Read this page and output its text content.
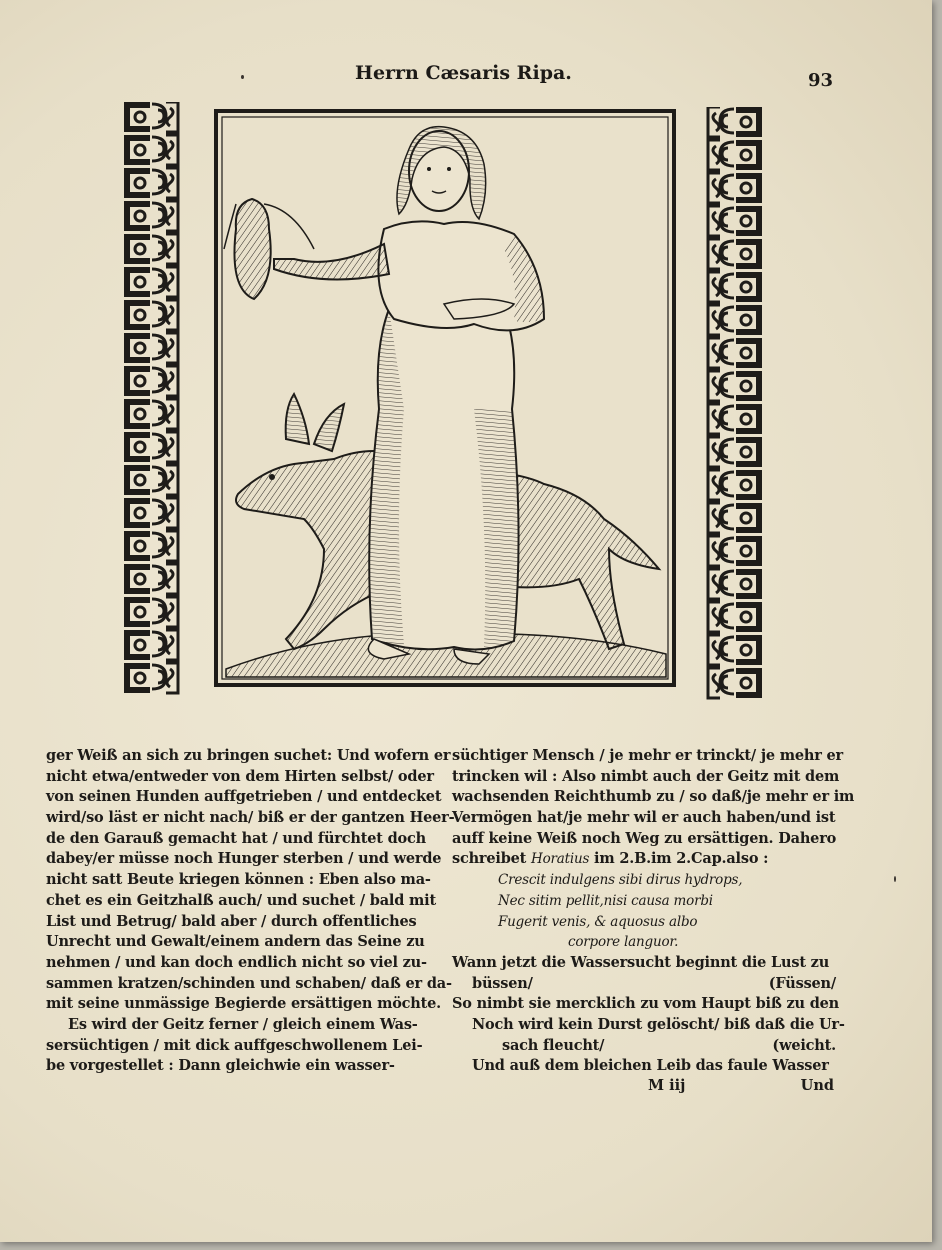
Herrn Cæsaris Ripa.	93
ger Weiß an sich zu bringen suchet: Und wofern er
nicht etwa/entweder von dem Hirten selbst/ oder
von seinen Hunden auffgetrieben / und entdecket
wird/so läst er nicht nach/ biß er der gantzen Heer-
de den Garauß gemacht hat / und fürchtet doch
dabey/er müsse noch Hunger sterben / und werde
nicht satt Beute kriegen können : Eben also ma-
chet es ein Geitzhalß auch/ und suchet / bald mit
List und Betrug/ bald aber / durch offentliches
Unrecht und Gewalt/einem andern das Seine zu
nehmen / und kan doch endlich nicht so viel zu-
sammen kratzen/schinden und schaben/ daß er da-
mit seine unmässige Begierde ersättigen möchte.
Es wird der Geitz ferner / gleich einem Was-
sersüchtigen / mit dick auffgeschwollenem Lei-
be vorgestellet : Dann gleichwie ein wasser-
süchtiger Mensch / je mehr er trinckt/ je mehr er
trincken wil : Also nimbt auch der Geitz mit dem
wachsenden Reichthumb zu / so daß/je mehr er im
Vermögen hat/je mehr wil er auch haben/und ist
auff keine Weiß noch Weg zu ersättigen. Dahero
schreibet Horatius im 2.B.im 2.Cap.also :
Crescit indulgens sibi dirus hydrops,
Nec sitim pellit,nisi causa morbi
Fugerit venis, & aquosus albo
corpore languor.
Wann jetzt die Wassersucht beginnt die Lust zu
büssen/	(Füssen/
So nimbt sie mercklich zu vom Haupt biß zu den
Noch wird kein Durst gelöscht/ biß daß die Ur-
sach fleucht/	(weicht.
Und auß dem bleichen Leib das faule Wasser
M iij	Und
